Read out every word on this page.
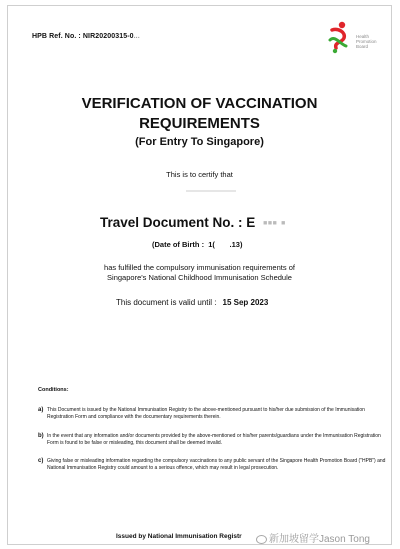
HPB Ref. No. : NIR20200315-0...	Health
Promotion
Board
VERIFICATION OF VACCINATION
REQUIREMENTS
(For Entry To Singapore)
This is to certify that
Travel Document No. : E  ▪▪▪ ▪
(Date of Birth : 1( .13)
has fulfilled the compulsory immunisation requirements of
Singapore's National Childhood Immunisation Schedule
This document is valid until : 15 Sep 2023
Conditions:
a) This Document is issued by the National Immunisation Registry to the above-mentioned pursuant to his/her due submission of the Immunisation Registration Form and compliance with the documentary requirements therein.
b) In the event that any information and/or documents provided by the above-mentioned or his/her parents/guardians under the Immunisation Registration Form is found to be false or misleading, this document shall be deemed invalid.
c) Giving false or misleading information regarding the compulsory vaccinations to any public servant of the Singapore Health Promotion Board ("HPB") and National Immunisation Registry could amount to a serious offence, which may result in legal prosecution.
Issued by National Immunisation Registr	新加坡留学Jason Tong
